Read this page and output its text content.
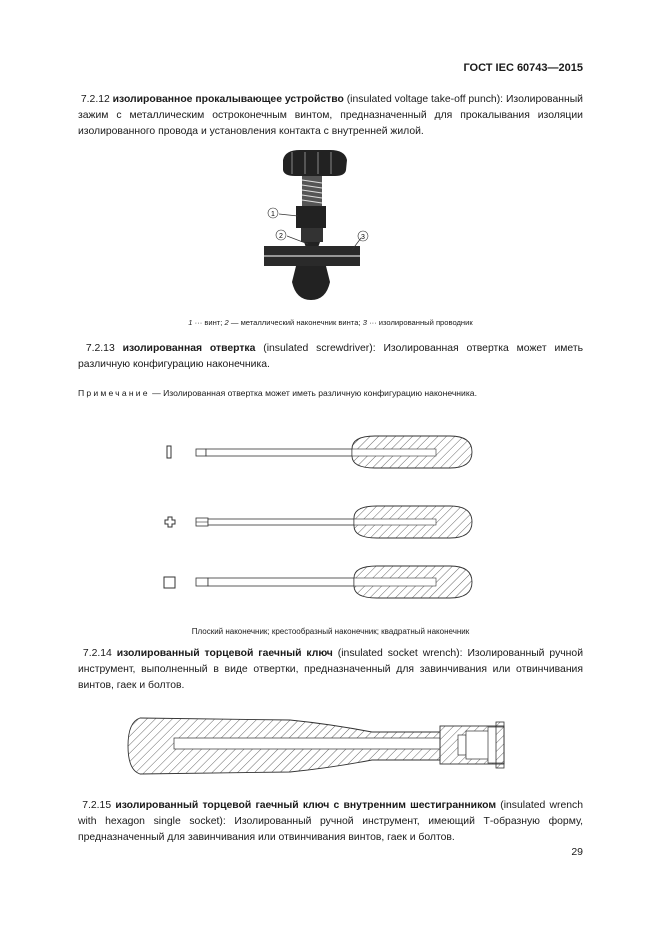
ГОСТ IEC 60743—2015
7.2.12 изолированное прокалывающее устройство (insulated voltage take-off punch): Изолированный зажим с металлическим остроконечным винтом, предназначенный для прокалывания изоляции изолированного провода и установления контакта с внутренней жилой.
1
2	3
1 ··· винт; 2 — металлический наконечник винта; 3 ··· изолированный проводник
7.2.13 изолированная отвертка (insulated screwdriver): Изолированная отвертка может иметь различную конфигурацию наконечника.
Примечание — Изолированная отвертка может иметь различную конфигурацию наконечника.
Плоский наконечник; крестообразный наконечник; квадратный наконечник
7.2.14 изолированный торцевой гаечный ключ (insulated socket wrench): Изолированный ручной инструмент, выполненный в виде отвертки, предназначенный для завинчивания или отвинчивания винтов, гаек и болтов.
7.2.15 изолированный торцевой гаечный ключ с внутренним шестигранником (insulated wrench with hexagon single socket): Изолированный ручной инструмент, имеющий Т-образную форму, предназначенный для завинчивания или отвинчивания винтов, гаек и болтов.
29
